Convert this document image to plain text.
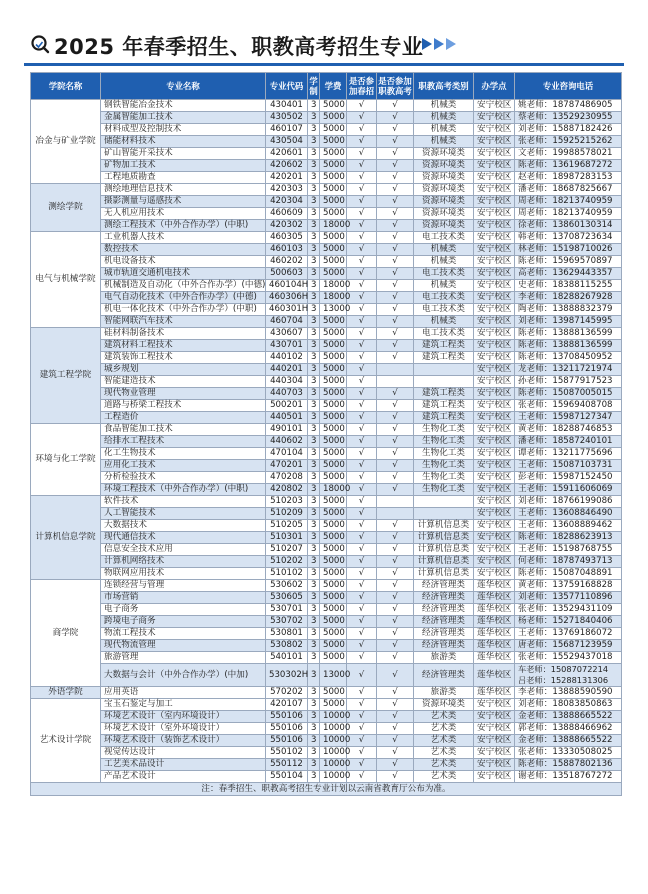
2025 年春季招生、职教高考招生专业
学院名称	专业名称	专业代码	学制	学费	是否参加春招	是否参加职教高考	职教高考类别	办学点	专业咨询电话
冶金与矿业学院	钢铁智能冶金技术	430401	3	5000	√	√	机械类	安宁校区	姚老师：18787486905
	金属智能加工技术	430502	3	5000	√	√	机械类	安宁校区	蔡老师：13529230955
	材料成型及控制技术	460107	3	5000	√	√	机械类	安宁校区	刘老师：15887182426
	储能材料技术	430504	3	5000	√	√	机械类	安宁校区	张老师：15925215262
	矿山智能开采技术	420601	3	5000	√	√	资源环境类	安宁校区	文老师：19988578021
	矿物加工技术	420602	3	5000	√	√	资源环境类	安宁校区	陈老师：13619687272
	工程地质勘查	420201	3	5000	√	√	资源环境类	安宁校区	赵老师：18987283153
测绘学院	测绘地理信息技术	420303	3	5000	√	√	资源环境类	安宁校区	潘老师：18687825667
	摄影测量与遥感技术	420304	3	5000	√	√	资源环境类	安宁校区	周老师：18213740959
	无人机应用技术	460609	3	5000	√	√	资源环境类	安宁校区	周老师：18213740959
	测绘工程技术（中外合作办学）(中职)	420302	3	18000	√	√	资源环境类	安宁校区	徐老师：13860130314
电气与机械学院	工业机器人技术	460305	3	5000	√	√	电工技术类	安宁校区	韩老师：13708723634
	数控技术	460103	3	5000	√	√	机械类	安宁校区	林老师：15198710026
	机电设备技术	460202	3	5000	√	√	机械类	安宁校区	陈老师：15969570897
	城市轨道交通机电技术	500603	3	5000	√	√	电工技术类	安宁校区	高老师：13629443357
	机械制造及自动化（中外合作办学）(中德)	460104H	3	18000	√	√	机械类	安宁校区	史老师：18388115255
	电气自动化技术（中外合作办学）(中德)	460306H	3	18000	√	√	电工技术类	安宁校区	李老师：18288267928
	机电一体化技术（中外合作办学）(中职)	460301H	3	13000	√	√	电工技术类	安宁校区	陶老师：13888832379
	智能网联汽车技术	460704	3	5000	√	√	机械类	安宁校区	刘老师：13987145995
建筑工程学院	硅材料制备技术	430607	3	5000	√	√	电工技术类	安宁校区	陈老师：13888136599
	建筑材料工程技术	430701	3	5000	√	√	建筑工程类	安宁校区	陈老师：13888136599
	建筑装饰工程技术	440102	3	5000	√	√	建筑工程类	安宁校区	陈老师：13708450952
	城乡规划	440201	3	5000	√			安宁校区	龙老师：13211721974
	智能建造技术	440304	3	5000	√			安宁校区	孙老师：15877917523
	现代物业管理	440703	3	5000	√	√	建筑工程类	安宁校区	陈老师：15087005015
	道路与桥梁工程技术	500201	3	5000	√	√	建筑工程类	安宁校区	张老师：15969408708
	工程造价	440501	3	5000	√	√	建筑工程类	安宁校区	王老师：15987127347
环境与化工学院	食品智能加工技术	490101	3	5000	√	√	生物化工类	安宁校区	黄老师：18288746853
	给排水工程技术	440602	3	5000	√	√	生物化工类	安宁校区	潘老师：18587240101
	化工生物技术	470104	3	5000	√	√	生物化工类	安宁校区	谭老师：13211775696
	应用化工技术	470201	3	5000	√	√	生物化工类	安宁校区	王老师：15087103731
	分析检验技术	470208	3	5000	√	√	生物化工类	安宁校区	彭老师：15987152450
	环境工程技术（中外合作办学）(中职)	420802	3	18000	√	√	生物化工类	安宁校区	王老师：15911606069
计算机信息学院	软件技术	510203	3	5000	√			安宁校区	刘老师：18766199086
	人工智能技术	510209	3	5000	√			安宁校区	王老师：13608846490
	大数据技术	510205	3	5000	√	√	计算机信息类	安宁校区	王老师：13608889462
	现代通信技术	510301	3	5000	√	√	计算机信息类	安宁校区	陈老师：18288623913
	信息安全技术应用	510207	3	5000	√	√	计算机信息类	安宁校区	王老师：15198768755
	计算机网络技术	510202	3	5000	√	√	计算机信息类	安宁校区	何老师：18787493713
	物联网应用技术	510102	3	5000	√	√	计算机信息类	安宁校区	陈老师：15087048891
商学院	连锁经营与管理	530602	3	5000	√	√	经济管理类	莲华校区	黄老师：13759168828
	市场营销	530605	3	5000	√	√	经济管理类	莲华校区	刘老师：13577110896
	电子商务	530701	3	5000	√	√	经济管理类	莲华校区	张老师：13529431109
	跨境电子商务	530702	3	5000	√	√	经济管理类	莲华校区	杨老师：15271840406
	物流工程技术	530801	3	5000	√	√	经济管理类	莲华校区	王老师：13769186072
	现代物流管理	530802	3	5000	√	√	经济管理类	莲华校区	唐老师：15687123959
	旅游管理	540101	3	5000	√	√	旅游类	莲华校区	张老师：15529437018
	大数据与会计（中外合作办学）(中加)	530302H	3	13000	√	√	经济管理类	莲华校区	车老师：15087072214
吕老师：15288131306
外语学院	应用英语	570202	3	5000	√	√	旅游类	莲华校区	李老师：13888590590
艺术设计学院	宝玉石鉴定与加工	420107	3	5000	√	√	资源环境类	安宁校区	刘老师：18083850863
	环境艺术设计（室内环境设计）	550106	3	10000	√	√	艺术类	安宁校区	金老师：13888665522
	环境艺术设计（室外环境设计）	550106	3	10000	√	√	艺术类	安宁校区	郭老师：13888466962
	环境艺术设计（装饰艺术设计）	550106	3	10000	√	√	艺术类	安宁校区	金老师：13888665522
	视觉传达设计	550102	3	10000	√	√	艺术类	安宁校区	张老师：13330508025
	工艺美术品设计	550112	3	10000	√	√	艺术类	安宁校区	陈老师：15887802136
	产品艺术设计	550104	3	10000	√	√	艺术类	安宁校区	谢老师：13518767272
注：春季招生、职教高考招生专业计划以云南省教育厅公布为准。									
